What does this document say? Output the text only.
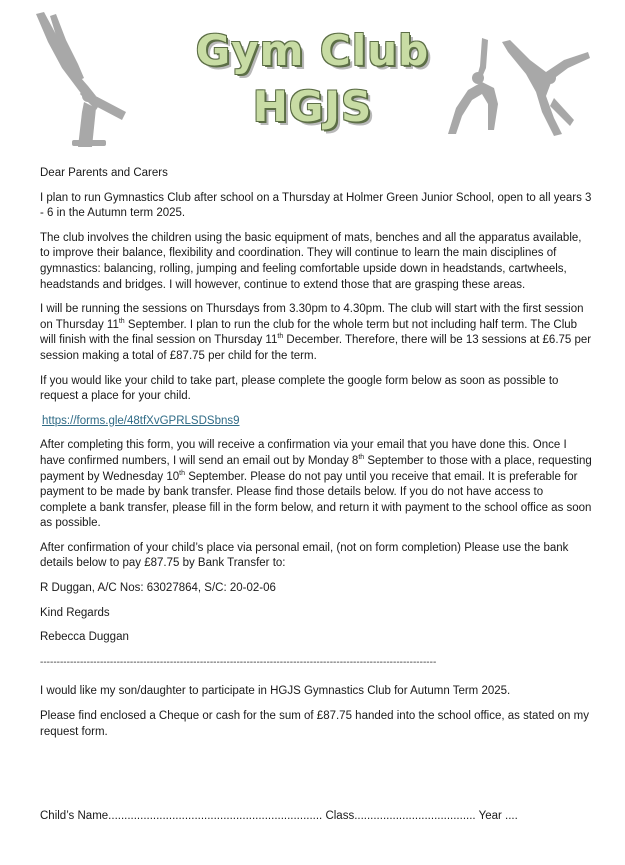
Gym Club
HGJS

Dear Parents and Carers

I plan to run Gymnastics Club after school on a Thursday at Holmer Green Junior School, open to all years 3 - 6 in the Autumn term 2025.

The club involves the children using the basic equipment of mats, benches and all the apparatus available, to improve their balance, flexibility and coordination. They will continue to learn the main disciplines of gymnastics: balancing, rolling, jumping and feeling comfortable upside down in headstands, cartwheels, headstands and bridges. I will however, continue to extend those that are grasping these areas.

I will be running the sessions on Thursdays from 3.30pm to 4.30pm. The club will start with the first session on Thursday 11th September. I plan to run the club for the whole term but not including half term. The Club will finish with the final session on Thursday 11th December. Therefore, there will be 13 sessions at £6.75 per session making a total of £87.75 per child for the term.

If you would like your child to take part, please complete the google form below as soon as possible to request a place for your child.

https://forms.gle/48tfXvGPRLSDSbns9

After completing this form, you will receive a confirmation via your email that you have done this. Once I have confirmed numbers, I will send an email out by Monday 8th September to those with a place, requesting payment by Wednesday 10th September. Please do not pay until you receive that email. It is preferable for payment to be made by bank transfer. Please find those details below. If you do not have access to complete a bank transfer, please fill in the form below, and return it with payment to the school office as soon as possible.

After confirmation of your child’s place via personal email, (not on form completion) Please use the bank details below to pay £87.75 by Bank Transfer to:

R Duggan, A/C Nos: 63027864, S/C: 20-02-06

Kind Regards

Rebecca Duggan

-----------------------------------------------------------------------------------------------------------------------

I would like my son/daughter to participate in HGJS Gymnastics Club for Autumn Term 2025.

Please find enclosed a Cheque or cash for the sum of £87.75 handed into the school office, as stated on my request form.

Child’s Name................................................................... Class...................................... Year ....
